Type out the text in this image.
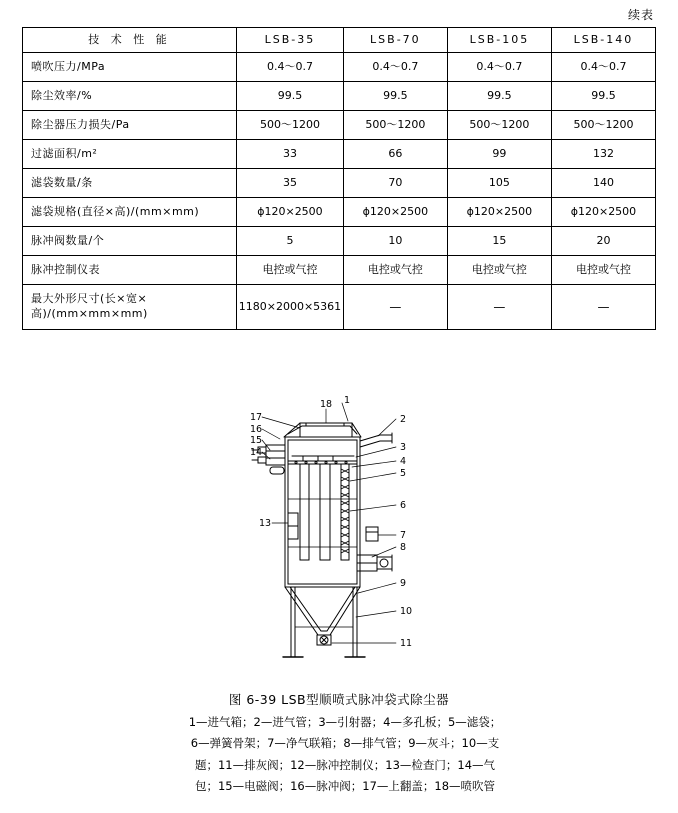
续表
技 术 性 能	LSB-35	LSB-70	LSB-105	LSB-140
喷吹压力/MPa	0.4～0.7	0.4～0.7	0.4～0.7	0.4～0.7
除尘效率/%	99.5	99.5	99.5	99.5
除尘器压力损失/Pa	500～1200	500～1200	500～1200	500～1200
过滤面积/m²	33	66	99	132
滤袋数量/条	35	70	105	140
滤袋规格(直径×高)/(mm×mm)	ϕ120×2500	ϕ120×2500	ϕ120×2500	ϕ120×2500
脉冲阀数量/个	5	10	15	20
脉冲控制仪表	电控或气控	电控或气控	电控或气控	电控或气控
最大外形尺寸(长×宽×高)/(mm×mm×mm)	1180×2000×5361	—	—	—
17
16
15
14
13
18 1
2
3
4
5
6
7
8
9
10
11
图 6-39 LSB型顺喷式脉冲袋式除尘器
1—进气箱；2—进气管；3—引射器；4—多孔板；5—滤袋；
6—弹簧骨架；7—净气联箱；8—排气管；9—灰斗；10—支
题；11—排灰阀；12—脉冲控制仪；13—检查门；14—气
包；15—电磁阀；16—脉冲阀；17—上翻盖；18—喷吹管
